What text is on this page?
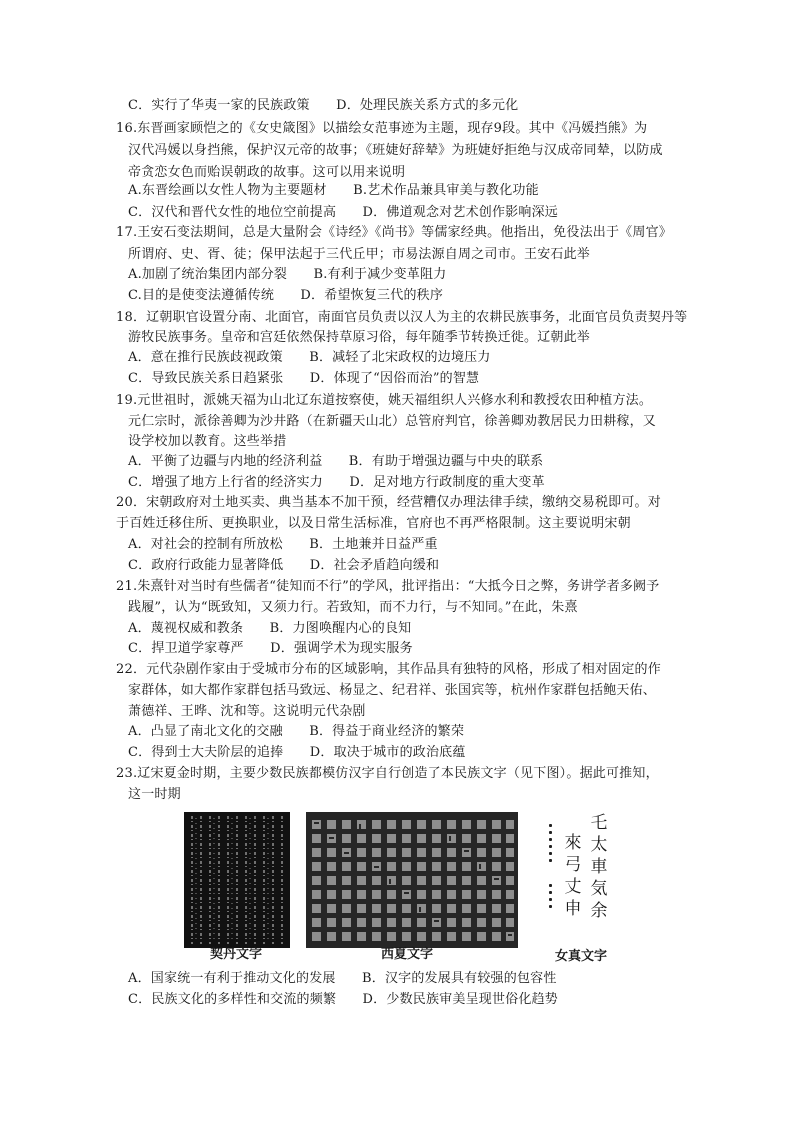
C．实行了华夷一家的民族政策　　D．处理民族关系方式的多元化
16.东晋画家顾恺之的《女史箴图》以描绘女范事迹为主题，现存9段。其中《冯媛挡熊》为
汉代冯媛以身挡熊，保护汉元帝的故事；《班婕好辞辇》为班婕妤拒绝与汉成帝同辇，以防成
帝贪恋女色而贻误朝政的故事。这可以用来说明
A.东晋绘画以女性人物为主要题材　　B.艺术作品兼具审美与教化功能
C．汉代和晋代女性的地位空前提高　　D．佛道观念对艺术创作影响深远
17.王安石变法期间，总是大量附会《诗经》《尚书》等儒家经典。他指出，免役法出于《周官》
所谓府、史、胥、徒；保甲法起于三代丘甲；市易法源自周之司市。王安石此举
A.加剧了统治集团内部分裂　　B.有利于减少变革阻力
C.目的是使变法遵循传统　　D．希望恢复三代的秩序
18．辽朝职官设置分南、北面官，南面官员负责以汉人为主的农耕民族事务，北面官员负责契丹等
游牧民族事务。皇帝和宫廷依然保持草原习俗，每年随季节转换迁徙。辽朝此举
A．意在推行民族歧视政策　　B．减轻了北宋政权的边境压力
C．导致民族关系日趋紧张　　D．体现了“因俗而治”的智慧
19.元世祖时，派姚天福为山北辽东道按察使，姚天福组织人兴修水利和教授农田种植方法。
元仁宗时，派徐善卿为沙井路（在新疆天山北）总管府判官，徐善卿劝教居民力田耕稼，又
设学校加以教育。这些举措
A．平衡了边疆与内地的经济利益　　B．有助于增强边疆与中央的联系
C．增强了地方上行省的经济实力　　D．足对地方行政制度的重大变革
20．宋朝政府对土地买卖、典当基本不加干预，经营糟仅办理法律手续，缴纳交易税即可。对
于百姓迁移住所、更换职业，以及日常生活标准，官府也不再严格限制。这主要说明宋朝
A．对社会的控制有所放松　　B．土地兼并日益严重
C．政府行政能力显著降低　　D．社会矛盾趋向缓和
21.朱熹针对当时有些儒者“徒知而不行”的学风，批评指出：“大抵今日之弊，务讲学者多阙予
践履”，认为“既致知，又须力行。若致知，而不力行，与不知同。”在此，朱熹
A．蔑视权威和教条　　B．力图唤醒内心的良知
C．捍卫道学家尊严　　D．强调学术为现实服务
22．元代杂剧作家由于受城市分布的区域影响，其作品具有独特的风格，形成了相对固定的作
家群体，如大都作家群包括马致远、杨显之、纪君祥、张国宾等，杭州作家群包括鲍天佑、
萧德祥、王晔、沈和等。这说明元代杂剧
A．凸显了南北文化的交融　　B．得益于商业经济的繁荣
C．得到士大夫阶层的追捧　　D．取决于城市的政治底蕴
23.辽宋夏金时期，主要少数民族都模仿汉字自行创造了本民族文字（见下图）。据此可推知，
这一时期
乇
太
車
気
余
來
弓
丈
申
契丹文字	西夏文字	女真文字
A．国家统一有利于推动文化的发展　　B．汉字的发展具有较强的包容性
C．民族文化的多样性和交流的频繁　　D．少数民族审美呈现世俗化趋势
